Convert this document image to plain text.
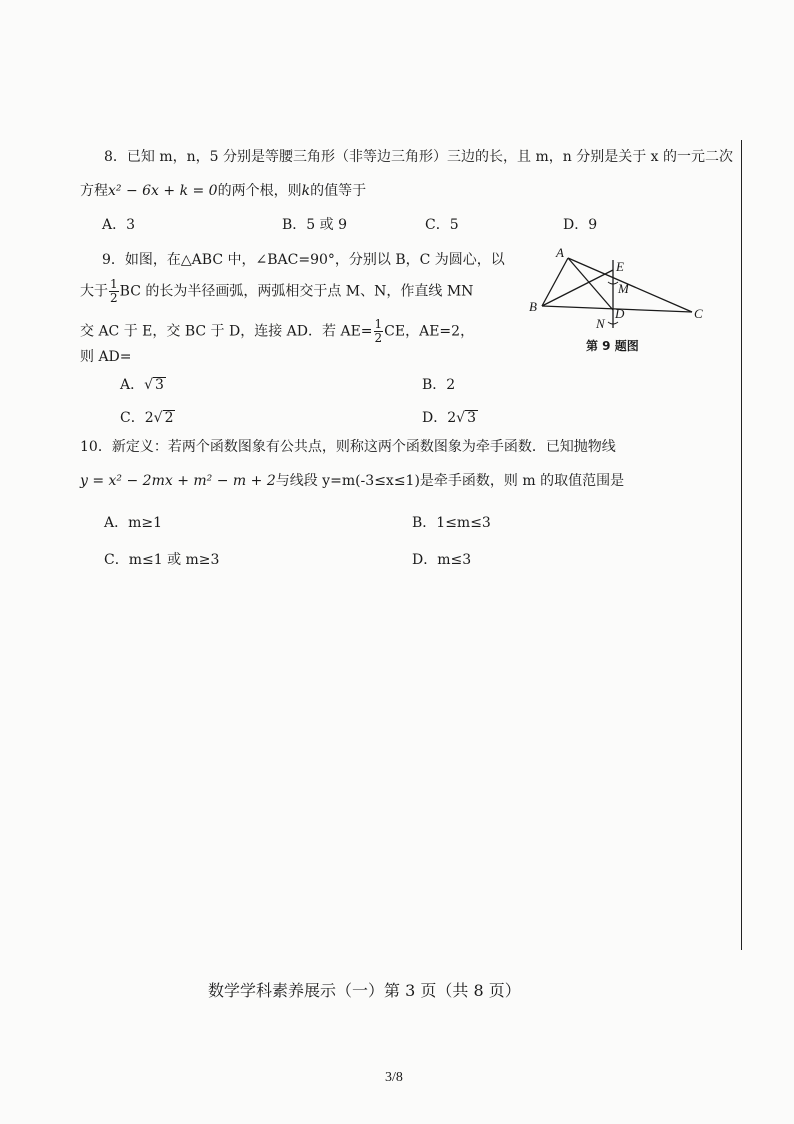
8．已知 m，n，5 分别是等腰三角形（非等边三角形）三边的长，且 m，n 分别是关于 x 的一元二次
方程x² − 6x + k = 0的两个根，则k的值等于
A．3	B．5 或 9	C．5	D．9
9．如图，在△ABC 中，∠BAC=90°，分别以 B，C 为圆心，以
大于 $\frac{1}{2}$ BC 的长为半径画弧，两弧相交于点 M、N，作直线 MN
交 AC 于 E，交 BC 于 D，连接 AD．若 $AE= \frac{1}{2}$ CE，AE=2，
则 AD=
A．√ 3	B．2
C．2√ 2	D．2√ 3
A
B	C
D
E
M
N
第 9 题图
10．新定义：若两个函数图象有公共点，则称这两个函数图象为牵手函数．已知抛物线
y = x² − 2mx + m² − m + 2与线段 y=m(-3≤x≤1)是牵手函数，则 m 的取值范围是
A．m≥1	B．1≤m≤3
C．m≤1 或 m≥3	D．m≤3
数学学科素养展示（一）第 3 页（共 8 页）
3/8
